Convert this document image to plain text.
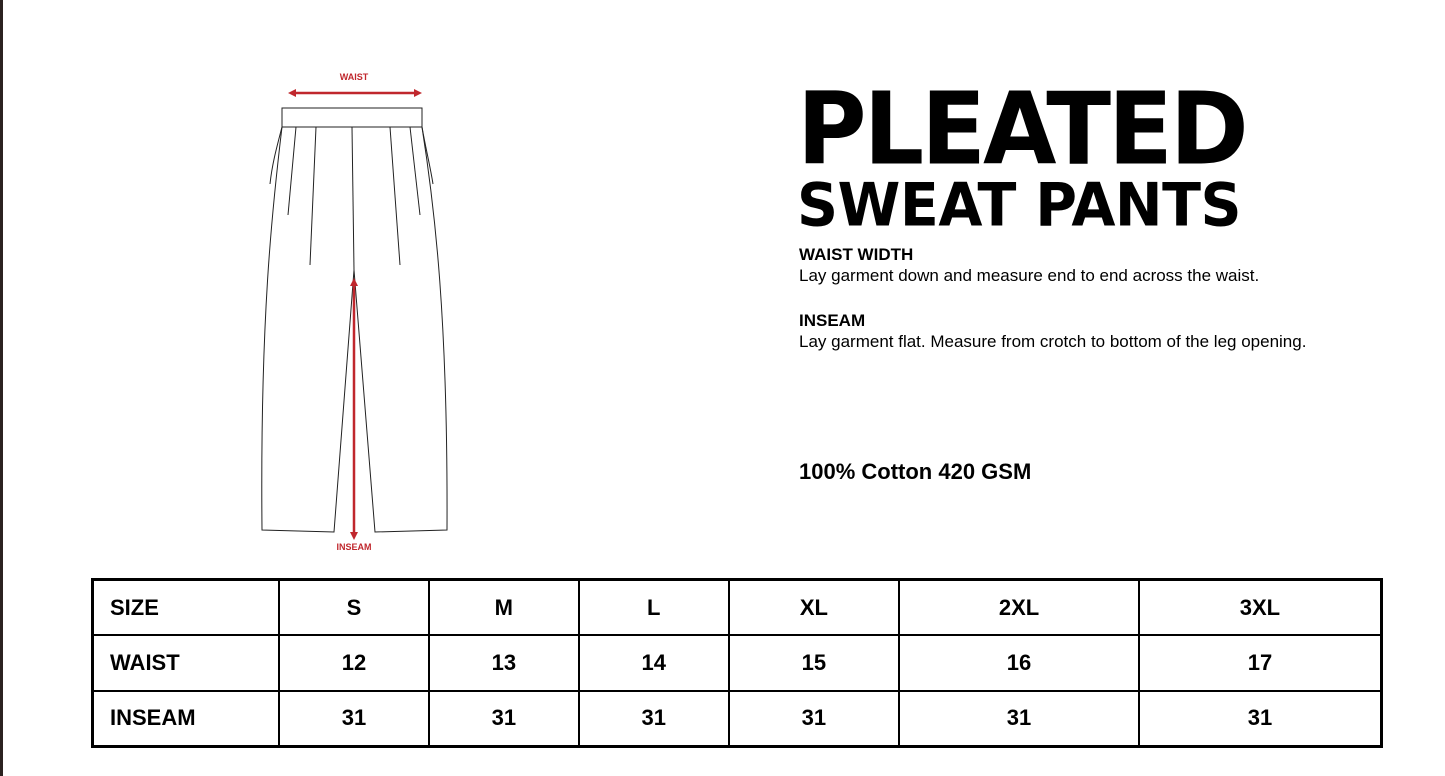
WAIST
INSEAM
PLEATED
SWEAT PANTS
WAIST WIDTH

Lay garment down and measure end to end across the waist.

INSEAM

Lay garment flat. Measure from crotch to bottom of the leg opening.

100% Cotton 420 GSM
SIZE	S	M	L	XL	2XL	3XL
WAIST	12	13	14	15	16	17
INSEAM	31	31	31	31	31	31
